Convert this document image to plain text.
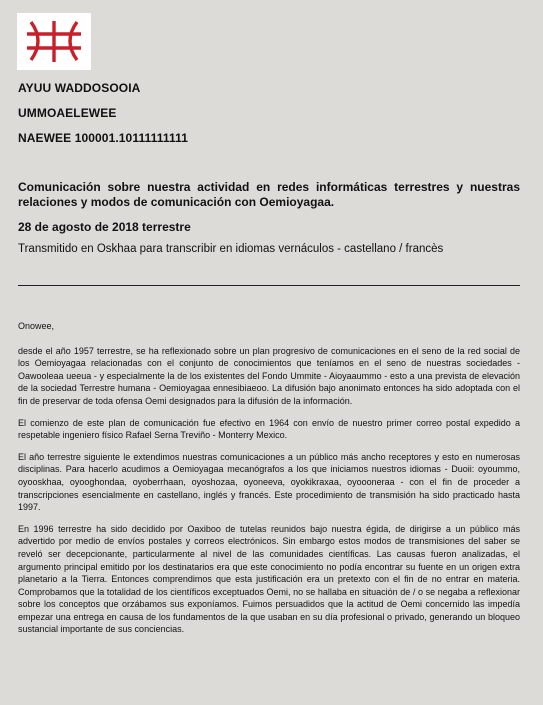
AYUU WADDOSOOIA
UMMOAELEWEE
NAEWEE 100001.10111111111
Comunicación sobre nuestra actividad en redes informáticas terrestres y nuestras relaciones y modos de comunicación con Oemioyagaa.
28 de agosto de 2018 terrestre
Transmitido en Oskhaa para transcribir en idiomas vernáculos - castellano / francès

Onowee,

desde el año 1957 terrestre, se ha reflexionado sobre un plan progresivo de comunicaciones en el seno de la red social de los Oemioyagaa relacionadas con el conjunto de conocimientos que teníamos en el seno de nuestras sociedades - Oawooleaa ueeua - y especialmente la de los existentes del Fondo Ummite - Aioyaaummo - esto a una prevista de elevación de la sociedad Terrestre humana - Oemioyagaa ennesibiaeoo. La difusión bajo anonimato entonces ha sido adoptada con el fin de preservar de toda ofensa Oemi designados para la difusión de la información.

El comienzo de este plan de comunicación fue efectivo en 1964 con envío de nuestro primer correo postal expedido a respetable ingeniero físico Rafael Serna Treviño - Monterry Mexico.

El año terrestre siguiente le extendimos nuestras comunicaciones a un público más ancho receptores y esto en numerosas disciplinas. Para hacerlo acudimos a Oemioyagaa mecanógrafos a los que iniciamos nuestros idiomas - Duoii: oyoummo, oyooskhaa, oyooghondaa, oyoberrhaan, oyoshozaa, oyoneeva, oyokikraxaa, oyoooneraa - con el fin de proceder a transcripciones esencialmente en castellano, inglés y francés. Este procedimiento de transmisión ha sido practicado hasta 1997.

En 1996 terrestre ha sido decidido por Oaxiboo de tutelas reunidos bajo nuestra égida, de dirigirse a un público más advertido por medio de envíos postales y correos electrónicos. Sin embargo estos modos de transmisiones del saber se reveló ser decepcionante, particularmente al nivel de las comunidades científicas. Las causas fueron analizadas, el argumento principal emitido por los destinatarios era que este conocimiento no podía encontrar su fuente en un origen extra planetario a la Tierra. Entonces comprendimos que esta justificación era un pretexto con el fin de no entrar en materia. Comprobamos que la totalidad de los científicos exceptuados Oemi, no se hallaba en situación de / o se negaba a reflexionar sobre los conceptos que orzábamos sus exponíamos. Fuimos persuadidos que la actitud de Oemi concernido las impedía empezar una entrega en causa de los fundamentos de la que usaban en su día profesional o privado, generando un bloqueo sustancial importante de sus conciencias.
